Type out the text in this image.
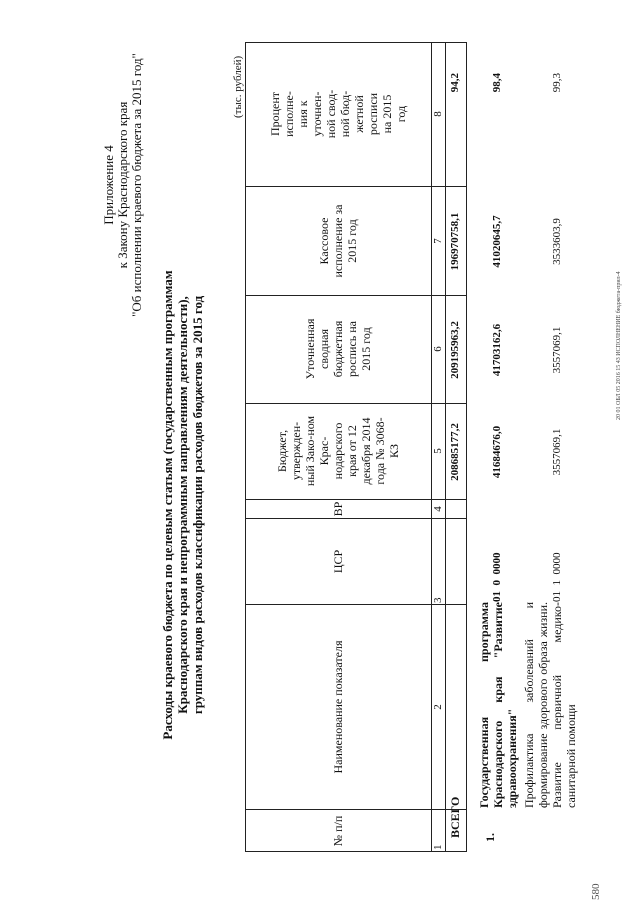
Приложение 4 к Закону Краснодарского края "Об исполнении краевого бюджета за 2015 год"
Расходы краевого бюджета по целевым статьям (государственным программам Краснодарского края и непрограммным направлениям деятельности), группам видов расходов классификации расходов бюджетов за 2015 год
(тыс. рублей)
№ п/п
Наименование показателя
ЦСР
ВР
Бюджет, утвержден-ный Зако-ном Крас-нодарского края от 12 декабря 2014 года № 3068-КЗ
Уточненная сводная бюджетная роспись на 2015 год
Кассовое исполнение за 2015 год
Процент исполне-ния к уточнен-ной свод-ной бюд-жетной росписи на 2015 год
1
2
3
4
5
6
7
8
ВСЕГО
208685177,2
209195963,2
196970758,1
94,2
1.
Государственная программа Краснодарского края "Развитие здравоохранения"
01  0  0000
41684676,0
41703162,6
41020645,7
98,4
Профилактика заболеваний и формирование здорового образа жизни. Развитие первичной медико-санитарной помощи
01  1  0000
3557069,1
3557069,1
3533603,9
99,3
580
20 01 ОБЛ 05 2016 15 43 ИСПОЛНЕНИЕ бюджета-прил-4
